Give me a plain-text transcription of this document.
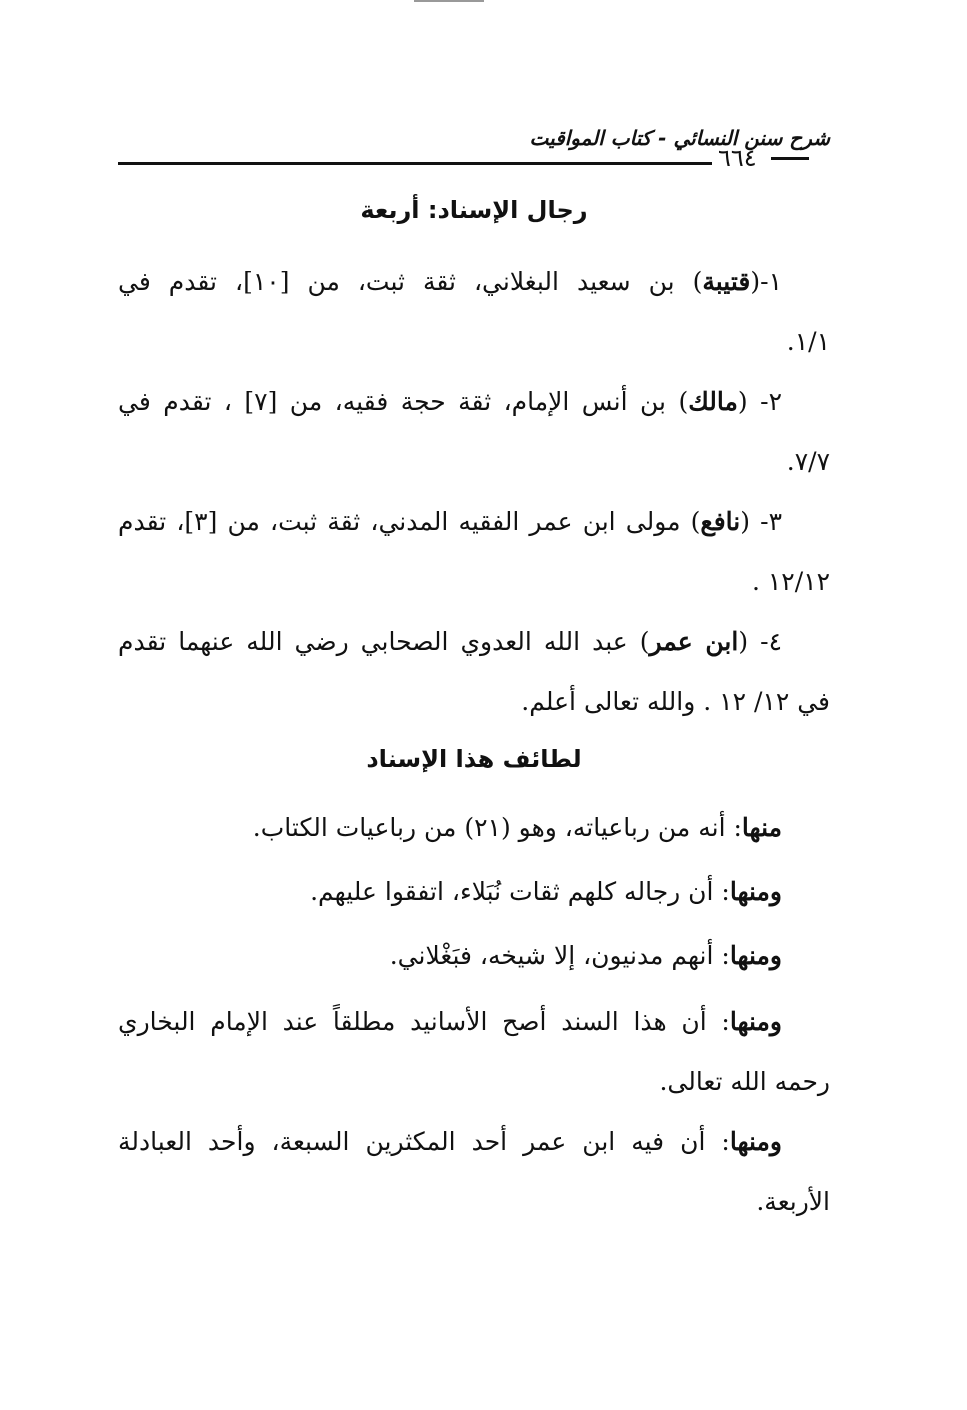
شرح سنن النسائي - كتاب المواقيت
٦٦٤
رجال الإسناد: أربعة
١-(قتيبة) بن سعيد البغلاني، ثقة ثبت، من [١٠]، تقدم في
١/١.
٢- (مالك) بن أنس الإمام، ثقة حجة فقيه، من [٧] ، تقدم في
٧/٧.
٣- (نافع) مولى ابن عمر الفقيه المدني، ثقة ثبت، من [٣]، تقدم
١٢/١٢ .
٤- (ابن عمر) عبد الله العدوي الصحابي رضي الله عنهما تقدم
في ١٢/ ١٢ . والله تعالى أعلم.
لطائف هذا الإسناد
منها: أنه من رباعياته، وهو (٢١) من رباعيات الكتاب.
ومنها: أن رجاله كلهم ثقات نُبَلاء، اتفقوا عليهم.
ومنها: أنهم مدنيون، إلا شيخه، فبَغْلاني.
ومنها: أن هذا السند أصح الأسانيد مطلقاً عند الإمام البخاري
رحمه الله تعالى.
ومنها: أن فيه ابن عمر أحد المكثرين السبعة، وأحد العبادلة
الأربعة.
